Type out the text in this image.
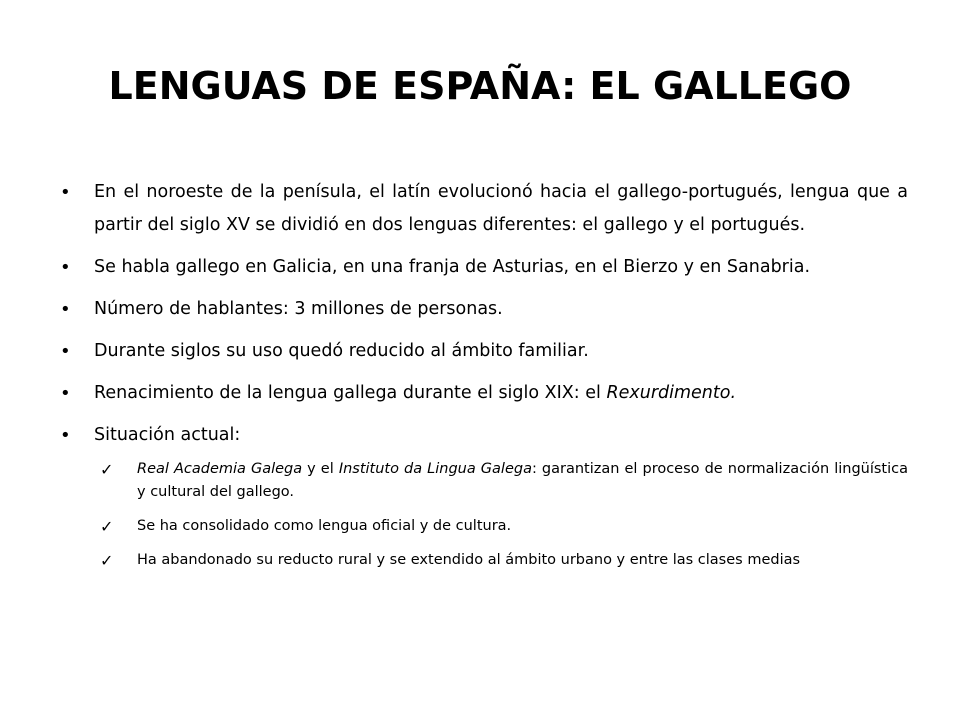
LENGUAS DE ESPAÑA: EL GALLEGO
• En el noroeste de la penísula, el latín evolucionó hacia el gallego-portugués, lengua que a partir del siglo XV se dividió en dos lenguas diferentes: el gallego y el portugués.
• Se habla gallego en Galicia, en una franja de Asturias, en el Bierzo y en Sanabria.
• Número de hablantes: 3 millones de personas.
• Durante siglos su uso quedó reducido al ámbito familiar.
• Renacimiento de la lengua gallega durante el siglo XIX: el Rexurdimento.
• Situación actual:
✓ Real Academia Galega y el Instituto da Lingua Galega: garantizan el proceso de normalización lingüística y cultural del gallego.
✓ Se ha consolidado como lengua oficial y de cultura.
✓ Ha abandonado su reducto rural y se extendido al ámbito urbano y entre las clases medias
